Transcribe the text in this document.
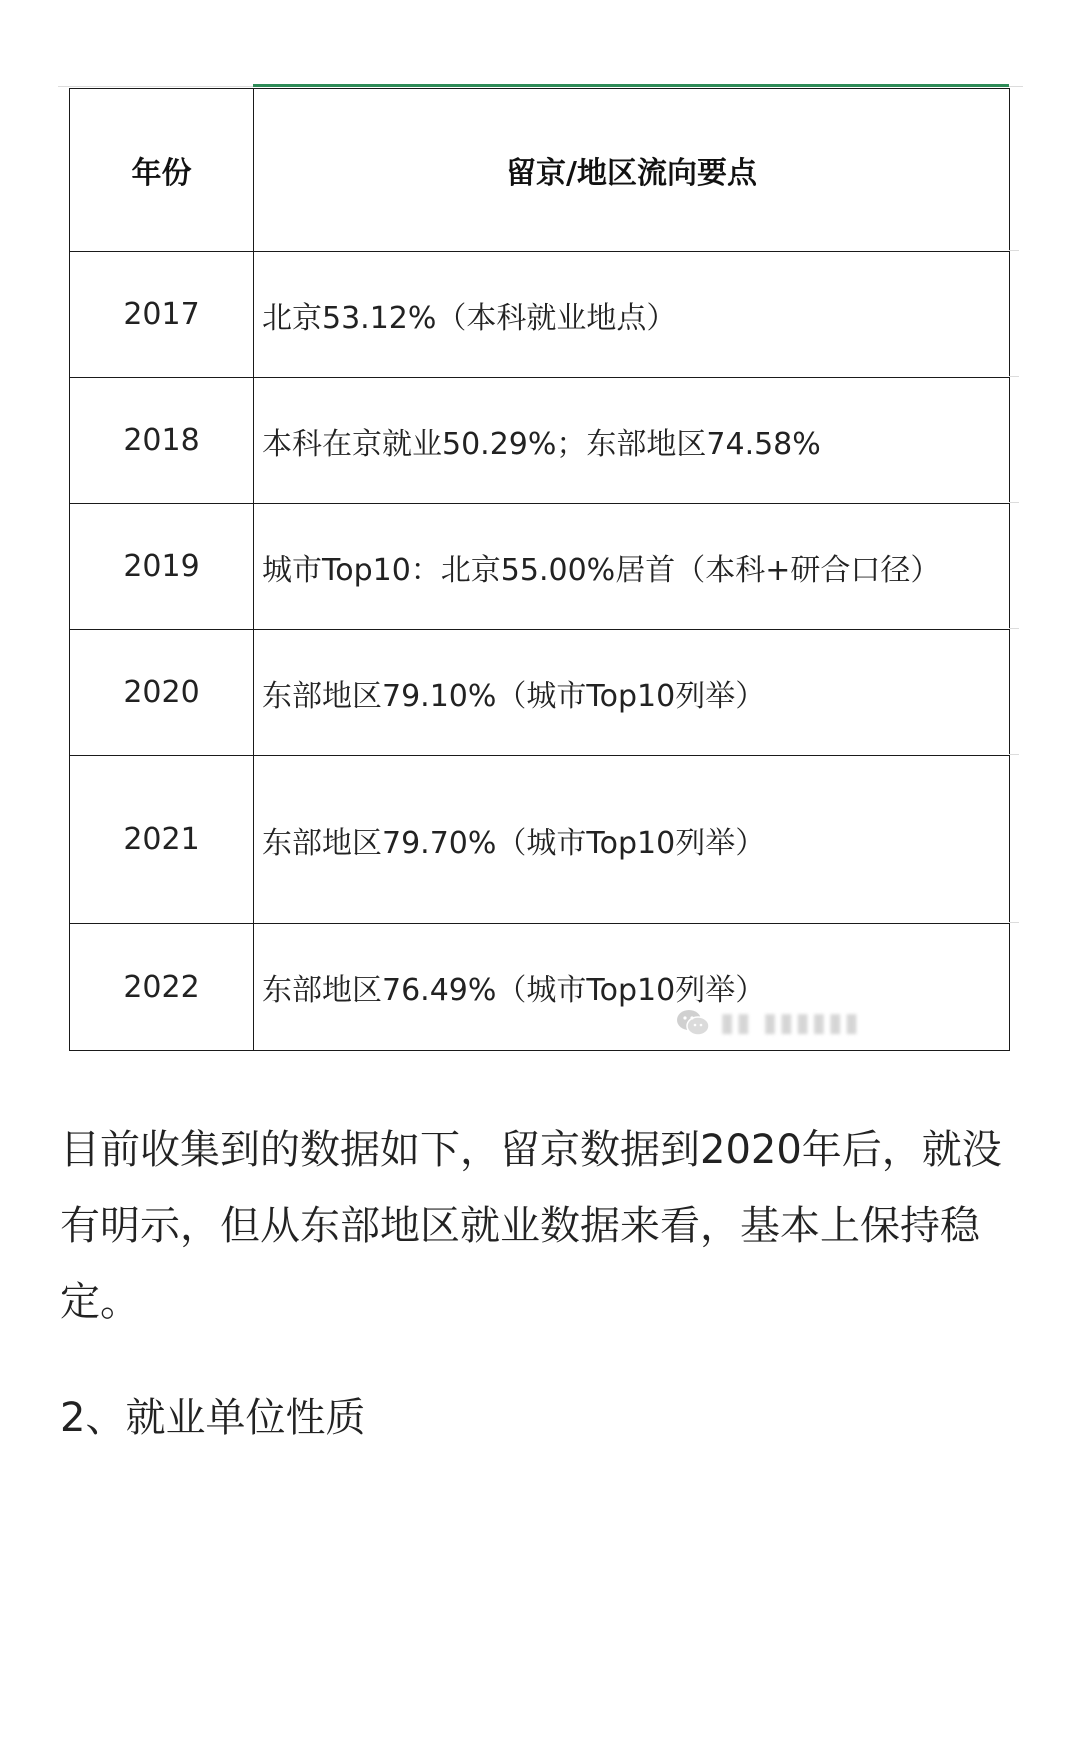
年份	留京/地区流向要点
2017	北京53.12%（本科就业地点）
2018	本科在京就业50.29%；东部地区74.58%
2019	城市Top10：北京55.00%居首（本科+研合口径）
2020	东部地区79.10%（城市Top10列举）
2021	东部地区79.70%（城市Top10列举）
2022	东部地区76.49%（城市Top10列举）
▮▮ ▮▮▮▮▮▮

目前收集到的数据如下，留京数据到2020年后，就没有明示，但从东部地区就业数据来看，基本上保持稳定。

2、就业单位性质
